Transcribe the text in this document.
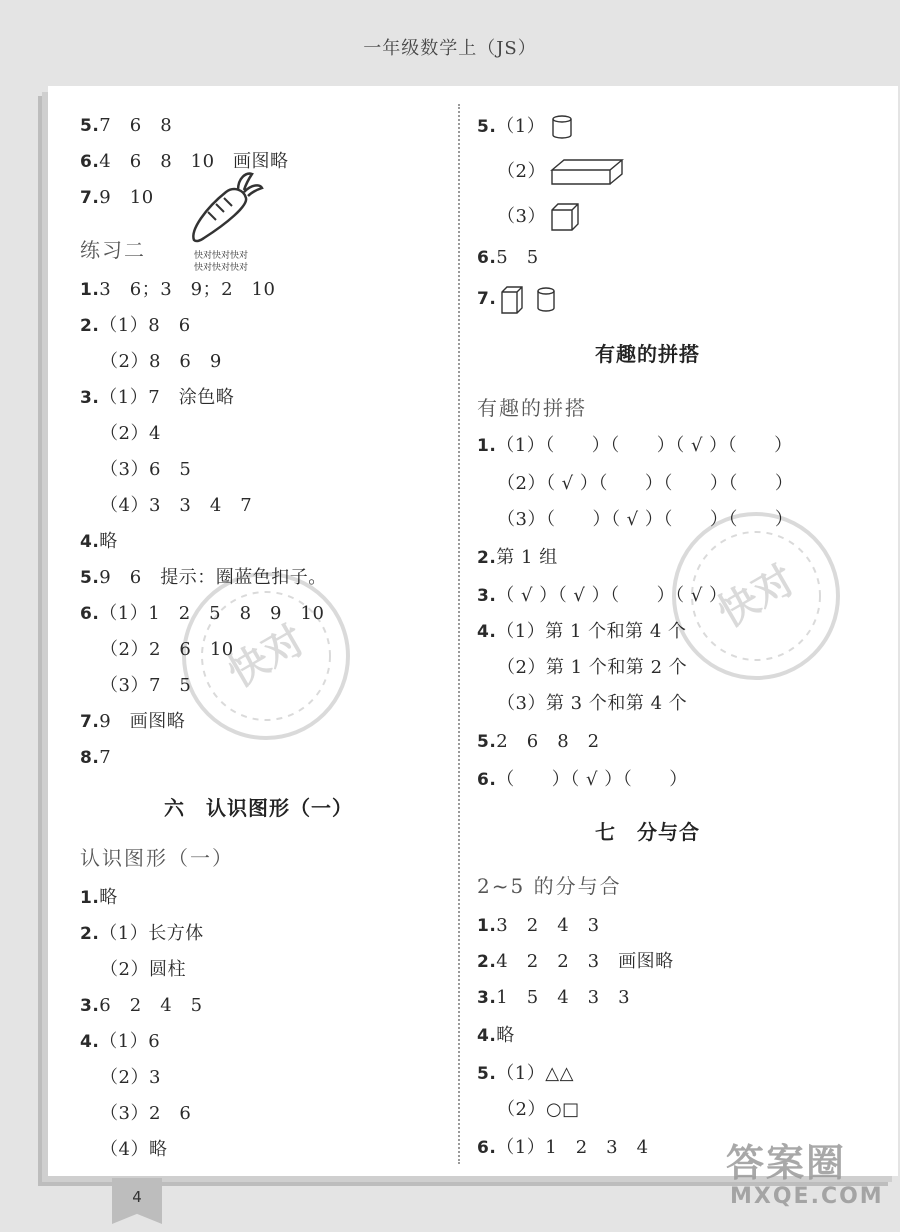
一年级数学上（JS）
5.7　6　8
6.4　6　8　10　画图略
7.9　10
练习二
1.3　6；3　9；2　10
2.（1）8　6
（2）8　6　9
3.（1）7　涂色略
（2）4
（3）6　5
（4）3　3　4　7
4.略
5.9　6　提示：圈蓝色扣子。
6.（1）1　2　5　8　9　10
（2）2　6　10
（3）7　5
7.9　画图略
8.7
六　认识图形（一）
认识图形（一）
1.略
2.（1）长方体
（2）圆柱
3.6　2　4　5
4.（1）6
（2）3
（3）2　6
（4）略
5.（1）
（2）
（3）
6.5　5
7.
有趣的拼搭
有趣的拼搭
1.（1）（　　）（　　）（ √ ）（　　）
（2）（ √ ）（　　）（　　）（　　）
（3）（　　）（ √ ）（　　）（　　）
2.第 1 组
3.（ √ ）（ √ ）（　　）（ √ ）
4.（1）第 1 个和第 4 个
（2）第 1 个和第 2 个
（3）第 3 个和第 4 个
5.2　6　8　2
6.（　　）（ √ ）（　　）
七　分与合
2~5 的分与合
1.3　2　4　3
2.4　2　2　3　画图略
3.1　5　4　3　3
4.略
5.（1）△△
（2）○□
6.（1）1　2　3　4
快对快对快对
快对快对快对
快对
快对
4
答案圈
MXQE.COM
